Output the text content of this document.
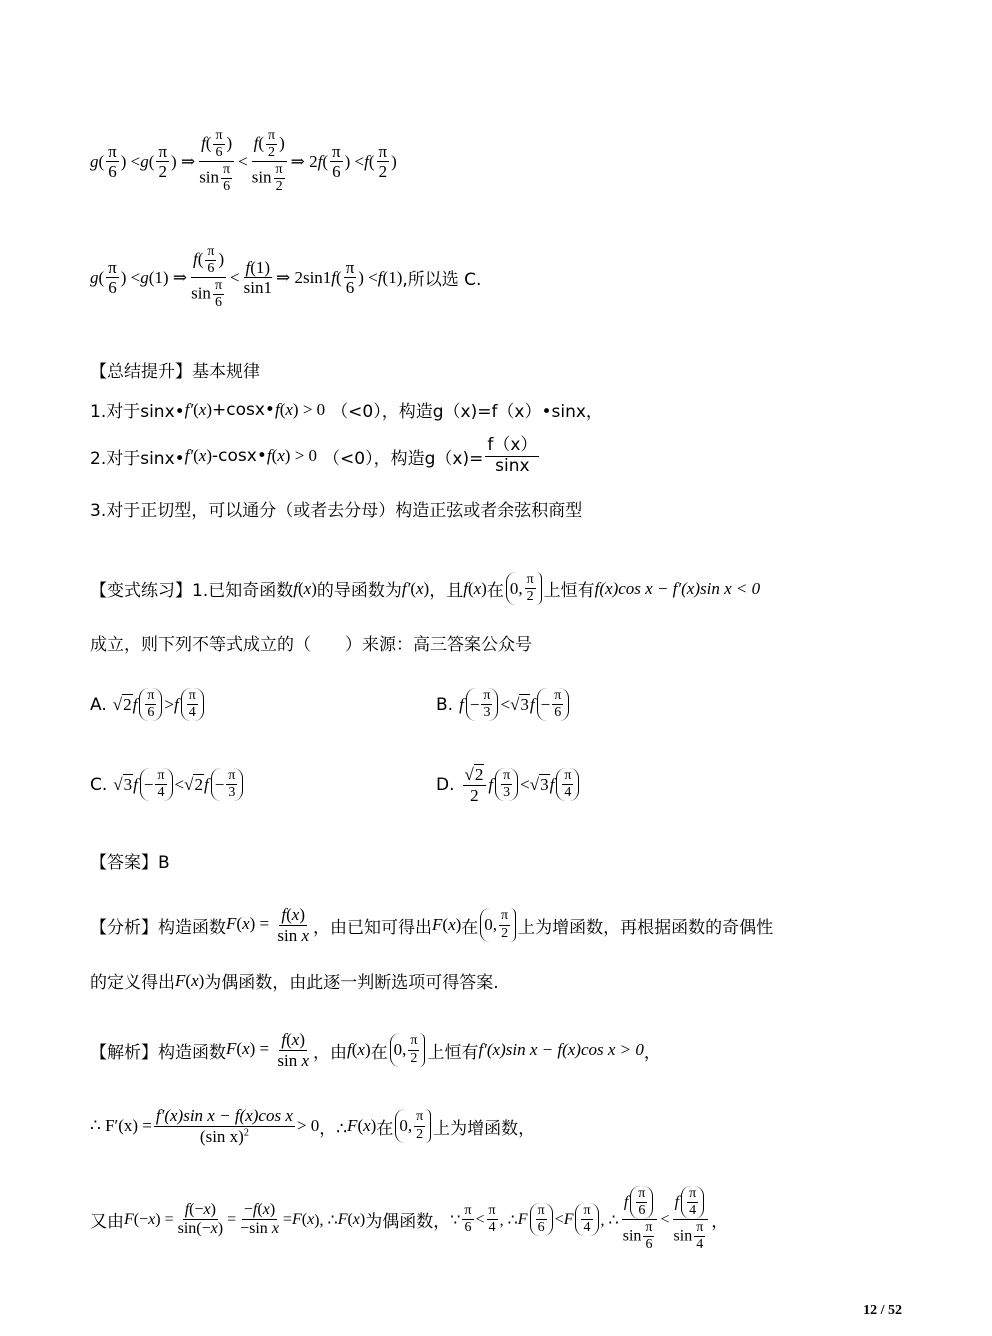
g ( $\frac{\pi}{6}$ ) < g ( $\frac{\pi}{2}$ ) ⇒ $\frac{f( \frac{\pi}{6} )}{\sin \frac{\pi}{6}} < \frac{f( \frac{\pi}{2} )}{\sin \frac{\pi}{2}}$ ⇒ 2 f ( $\frac{\pi}{6}$ ) < f ( $\frac{\pi}{2}$ )
g ( $\frac{\pi}{6}$ ) < g (1) ⇒ $\frac{f( \frac{\pi}{6} )}{\sin \frac{\pi}{6}} < \frac{f(1)}{\sin 1}$ ⇒ 2sin1 f ( $\frac{\pi}{6}$ ) < f (1) ,所以选 C.
【总结提升】基本规律
1.对于sinx• f′(x) +cosx• f(x) > 0 （<0），构造g（x)=f（x）•sinx，
2.对于sinx• f′(x) -cosx• f(x) > 0 （<0），构造$g(x)= \frac{f(x)}{\sin x}$
3.对于正切型，可以通分（或者去分母）构造正弦或者余弦积商型
【变式练习】1.已知奇函数 f(x) 的导函数为 f′(x) ，且 f(x) 在 0, $\frac{\pi}{2}$ 上恒有 f(x)cos x − f′(x)sin x < 0
成立，则下列不等式成立的（　　）来源：高三答案公众号
A. √ 2 f $\frac{\pi}{6} > f \frac{\pi}{4}$	B. $f - \frac{\pi}{3}$ < √ 3 $f - \frac{\pi}{6}$
C. √ 3 $f - \frac{\pi}{4}$ < √ 2 $f - \frac{\pi}{3}$	D. $\frac{√ 2}{2}$ f $\frac{\pi}{3}$ < √ 3 f $\frac{\pi}{4}$
【答案】B
【分析】构造函数 $F(x) = \frac{f(x)}{\text{sin x}}$ ，由已知可得出 F(x) 在 0, $\frac{\pi}{2}$ 上为增函数，再根据函数的奇偶性
的定义得出 F(x) 为偶函数，由此逐一判断选项可得答案.
【解析】构造函数 $F(x) = \frac{f(x)}{\text{sin x}}$ ，由 f(x) 在 0, $\frac{\pi}{2}$ 上恒有 f′(x)sin x − f(x)cos x > 0 ，
∴ $F'(x) = \frac{\text{f′(x)sin x − f(x)cos x}}{(\sin x)^2} > 0$ ，∴ F ( x ) 在 0, $\frac{\pi}{2}$ 上为增函数，
又由 F (− x ) = $\frac{f(-x)}{\sin(-x)} = \frac{-f(x)}{\text{−sin x}} = F$ ( x ), ∴ F ( x ) 为偶函数， ∵ $\frac{\pi}{6} < \frac{\pi}{4}$ , ∴ F $\frac{\pi}{6} < F \frac{\pi}{4}$ , ∴ $\frac{f \frac{\pi}{6}}{\sin \frac{\pi}{6}} < \frac{f \frac{\pi}{4}}{\sin \frac{\pi}{4}}$ ，
12 / 52
